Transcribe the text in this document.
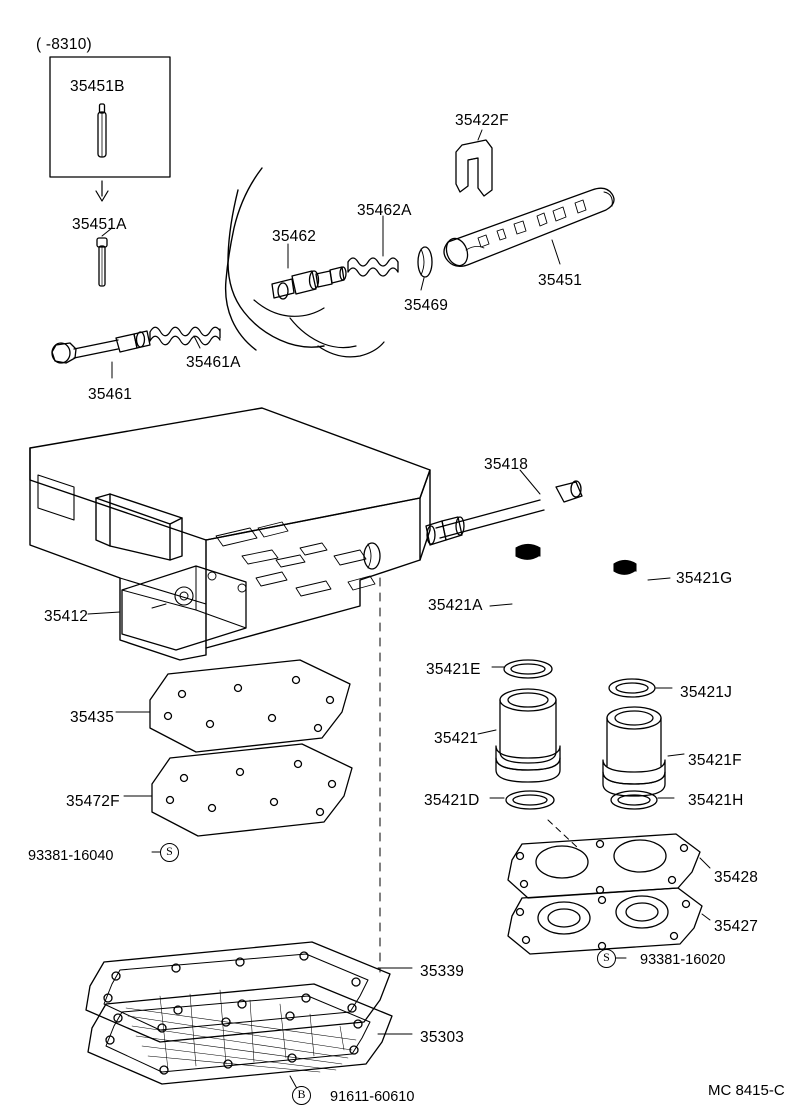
( -8310)
35451B
35422F
35462A
35451A
35462
35451
35469
35461A
35461
35418
35421G
35421A
35412
35421E
35421J
35435
35421
35421F
35472F	35421D	35421H
35428
35427
35339
35303
93381-16040	S
S	93381-16020
B	91611-60610	MC 8415-C
